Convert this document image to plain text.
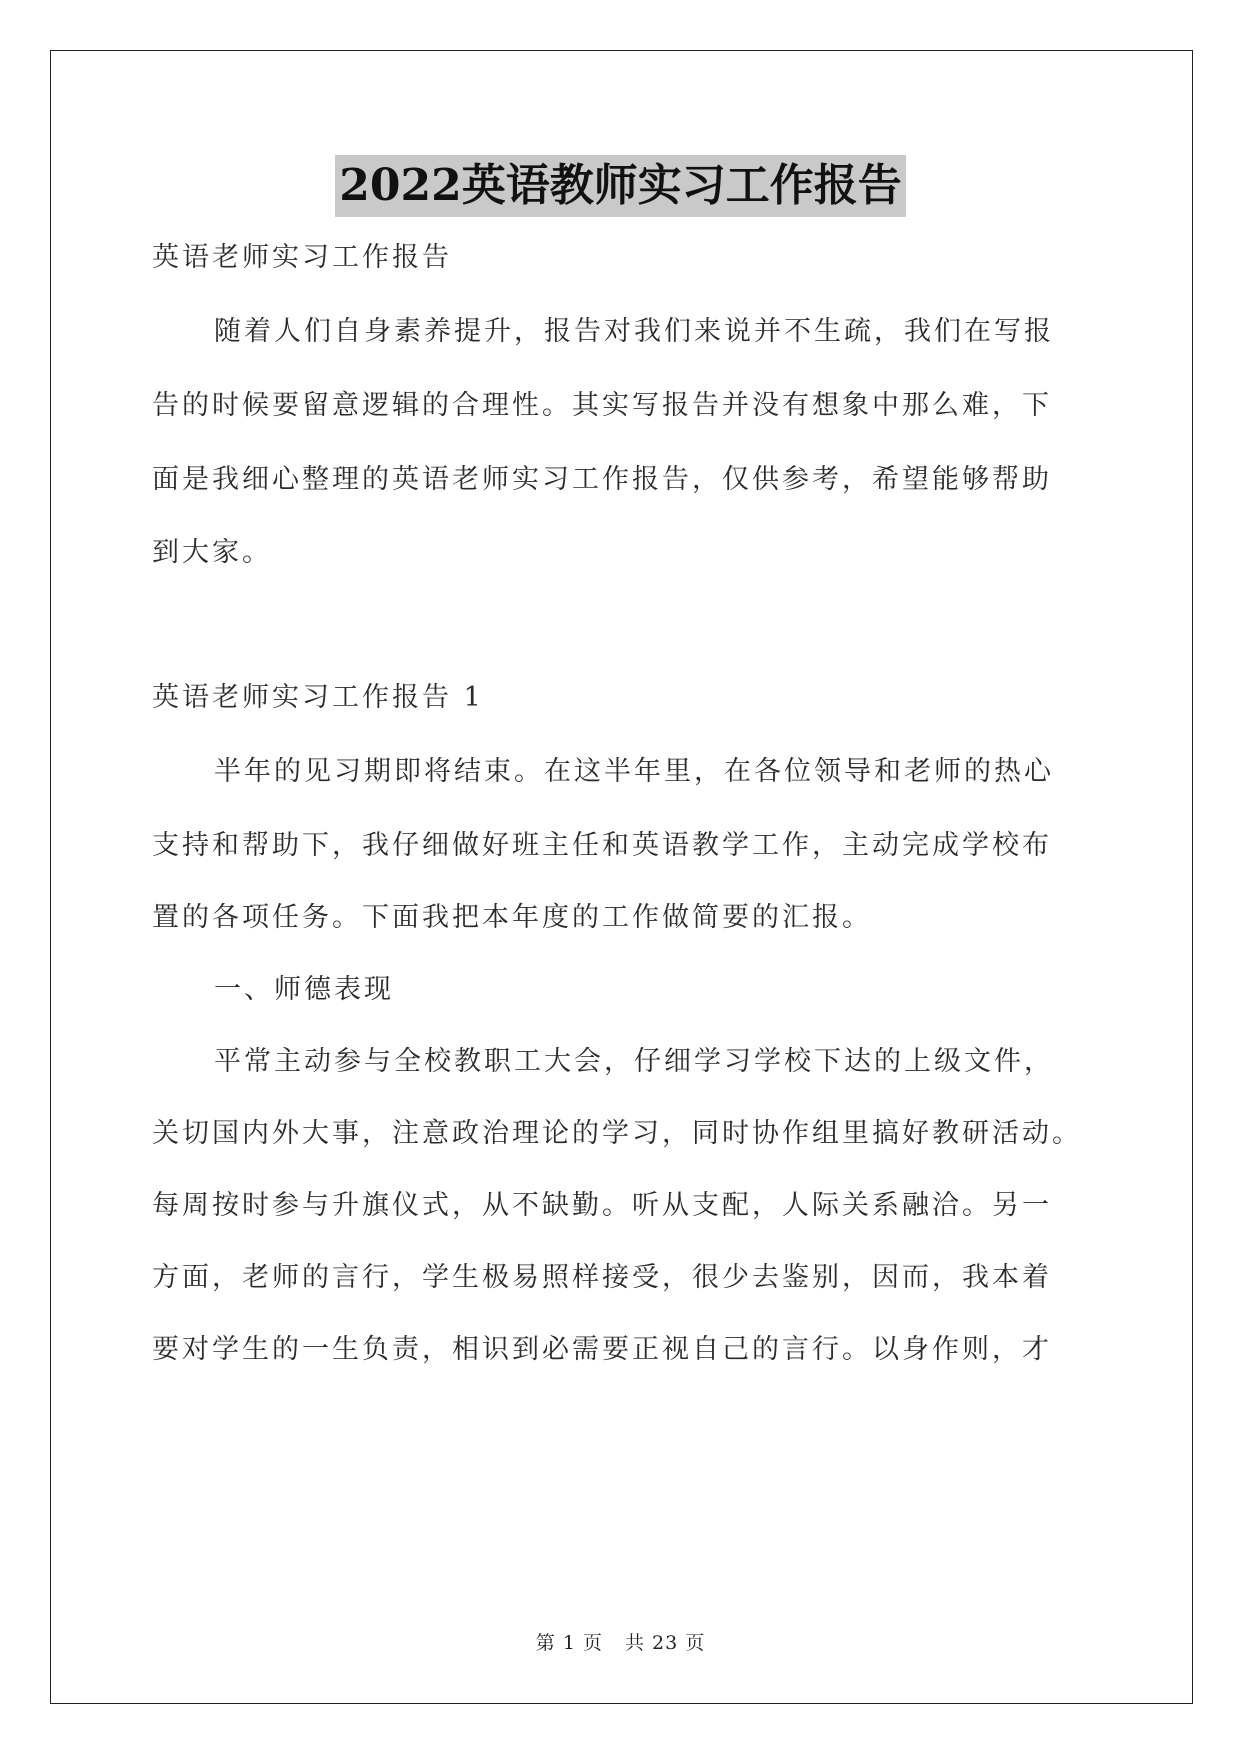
2022英语教师实习工作报告
英语老师实习工作报告
随着人们自身素养提升，报告对我们来说并不生疏，我们在写报
告的时候要留意逻辑的合理性。其实写报告并没有想象中那么难，下
面是我细心整理的英语老师实习工作报告，仅供参考，希望能够帮助
到大家。
英语老师实习工作报告 1
半年的见习期即将结束。在这半年里，在各位领导和老师的热心
支持和帮助下，我仔细做好班主任和英语教学工作，主动完成学校布
置的各项任务。下面我把本年度的工作做简要的汇报。
一、师德表现
平常主动参与全校教职工大会，仔细学习学校下达的上级文件，
关切国内外大事，注意政治理论的学习，同时协作组里搞好教研活动。
每周按时参与升旗仪式，从不缺勤。听从支配，人际关系融洽。另一
方面，老师的言行，学生极易照样接受，很少去鉴别，因而，我本着
要对学生的一生负责，相识到必需要正视自己的言行。以身作则，才
第 1 页 共 23 页
